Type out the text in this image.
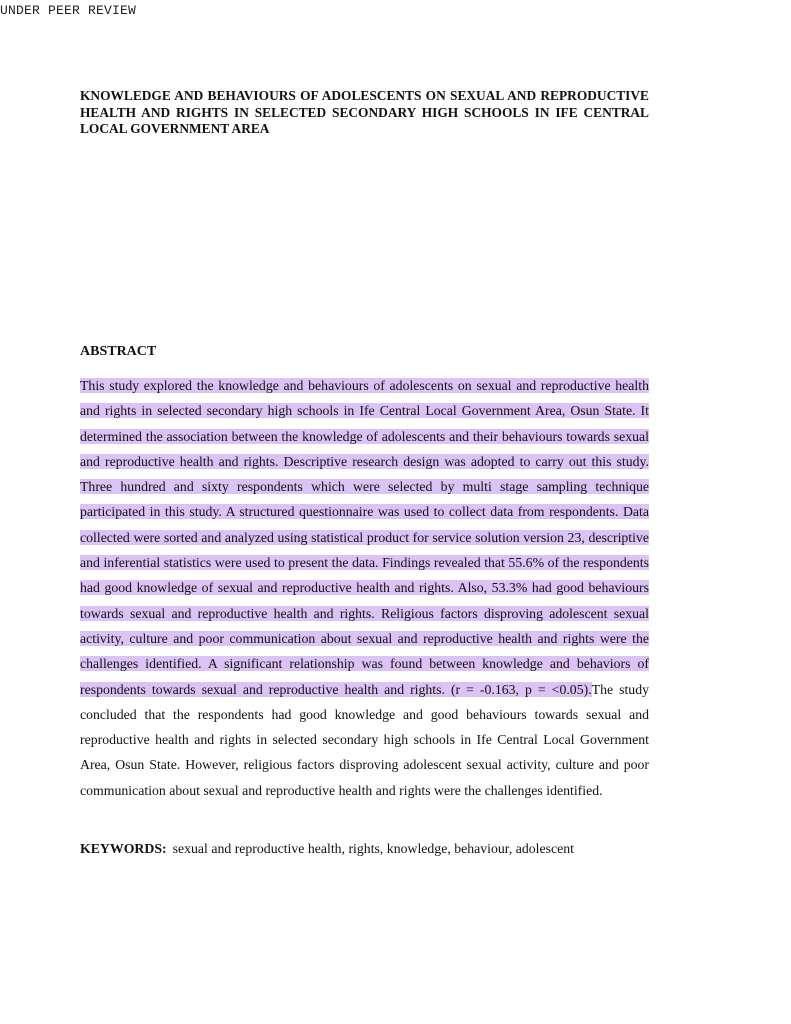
UNDER PEER REVIEW
KNOWLEDGE AND BEHAVIOURS OF ADOLESCENTS ON SEXUAL AND REPRODUCTIVE HEALTH AND RIGHTS IN SELECTED SECONDARY HIGH SCHOOLS IN IFE CENTRAL LOCAL GOVERNMENT AREA
ABSTRACT
This study explored the knowledge and behaviours of adolescents on sexual and reproductive health and rights in selected secondary high schools in Ife Central Local Government Area, Osun State. It determined the association between the knowledge of adolescents and their behaviours towards sexual and reproductive health and rights. Descriptive research design was adopted to carry out this study. Three hundred and sixty respondents which were selected by multi stage sampling technique participated in this study. A structured questionnaire was used to collect data from respondents. Data collected were sorted and analyzed using statistical product for service solution version 23, descriptive and inferential statistics were used to present the data. Findings revealed that 55.6% of the respondents had good knowledge of sexual and reproductive health and rights. Also, 53.3% had good behaviours towards sexual and reproductive health and rights. Religious factors disproving adolescent sexual activity, culture and poor communication about sexual and reproductive health and rights were the challenges identified. A significant relationship was found between knowledge and behaviors of respondents towards sexual and reproductive health and rights. (r = -0.163, p = <0.05).The study concluded that the respondents had good knowledge and good behaviours towards sexual and reproductive health and rights in selected secondary high schools in Ife Central Local Government Area, Osun State. However, religious factors disproving adolescent sexual activity, culture and poor communication about sexual and reproductive health and rights were the challenges identified.
KEYWORDS: sexual and reproductive health, rights, knowledge, behaviour, adolescent
